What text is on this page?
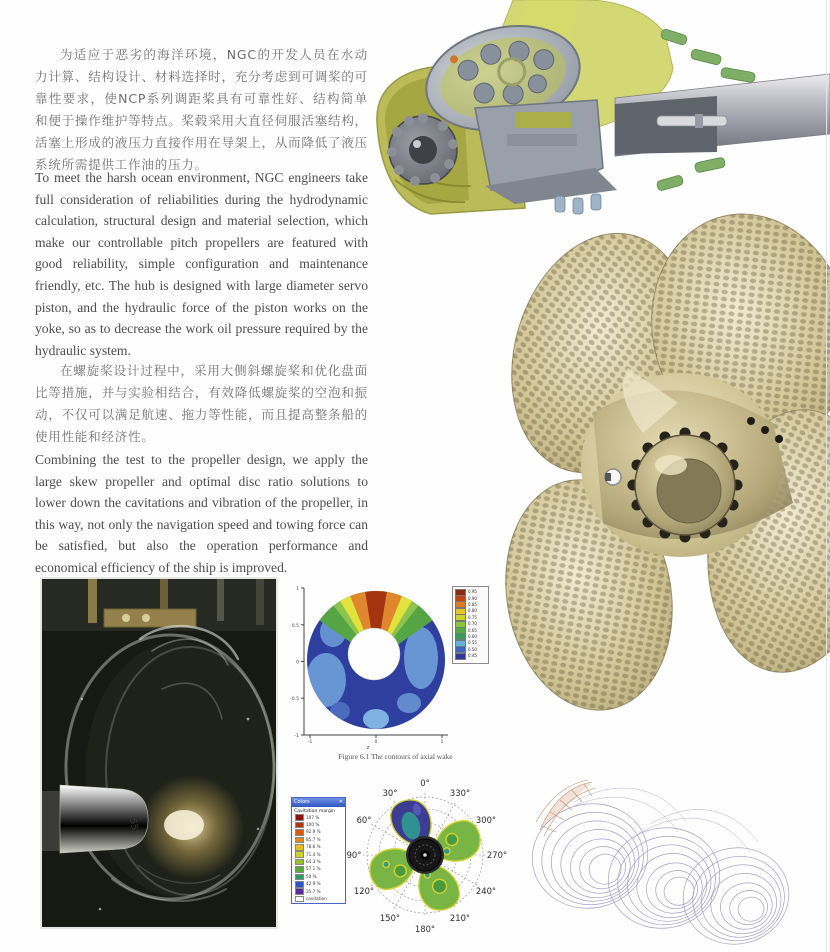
为适应于恶劣的海洋环境，NGC的开发人员在水动力计算、结构设计、材料选择时，充分考虑到可调桨的可靠性要求，使NCP系列调距桨具有可靠性好、结构简单和便于操作维护等特点。桨毂采用大直径伺服活塞结构，活塞上形成的液压力直接作用在导架上，从而降低了液压系统所需提供工作油的压力。
To meet the harsh ocean environment, NGC engineers take full consideration of reliabilities during the hydrodynamic calculation, structural design and material selection, which make our controllable pitch propellers are featured with good reliability, simple configuration and maintenance friendly, etc. The hub is designed with large diameter servo piston, and the hydraulic force of the piston works on the yoke, so as to decrease the work oil pressure required by the hydraulic system.
在螺旋桨设计过程中，采用大侧斜螺旋桨和优化盘面比等措施，并与实验相结合，有效降低螺旋桨的空泡和振动，不仅可以满足航速、拖力等性能，而且提高整条船的使用性能和经济性。
Combining the test to the propeller design, we apply the large skew propeller and optimal disc ratio solutions to lower down the cavitations and vibration of the propeller, in this way, not only the navigation speed and towing force can be satisfied, but also the operation performance and economical efficiency of the ship is improved.
555
1
0.5
0
-0.5
-1
-1	0	1
z
0.95
0.90
0.85
0.80
0.75
0.70
0.65
0.60
0.55
0.50
0.45
Figure 6.1 The contours of axial wake
Colors	✕
Cavitation margin
107 %
100 %
92.9 %
85.7 %
78.6 %
71.4 %
64.3 %
57.1 %
50 %
42.9 %
35.7 %
cavitation
0°
30°
60°
90°
120°
150°
180°
210°
240°
270°
300°
330°
